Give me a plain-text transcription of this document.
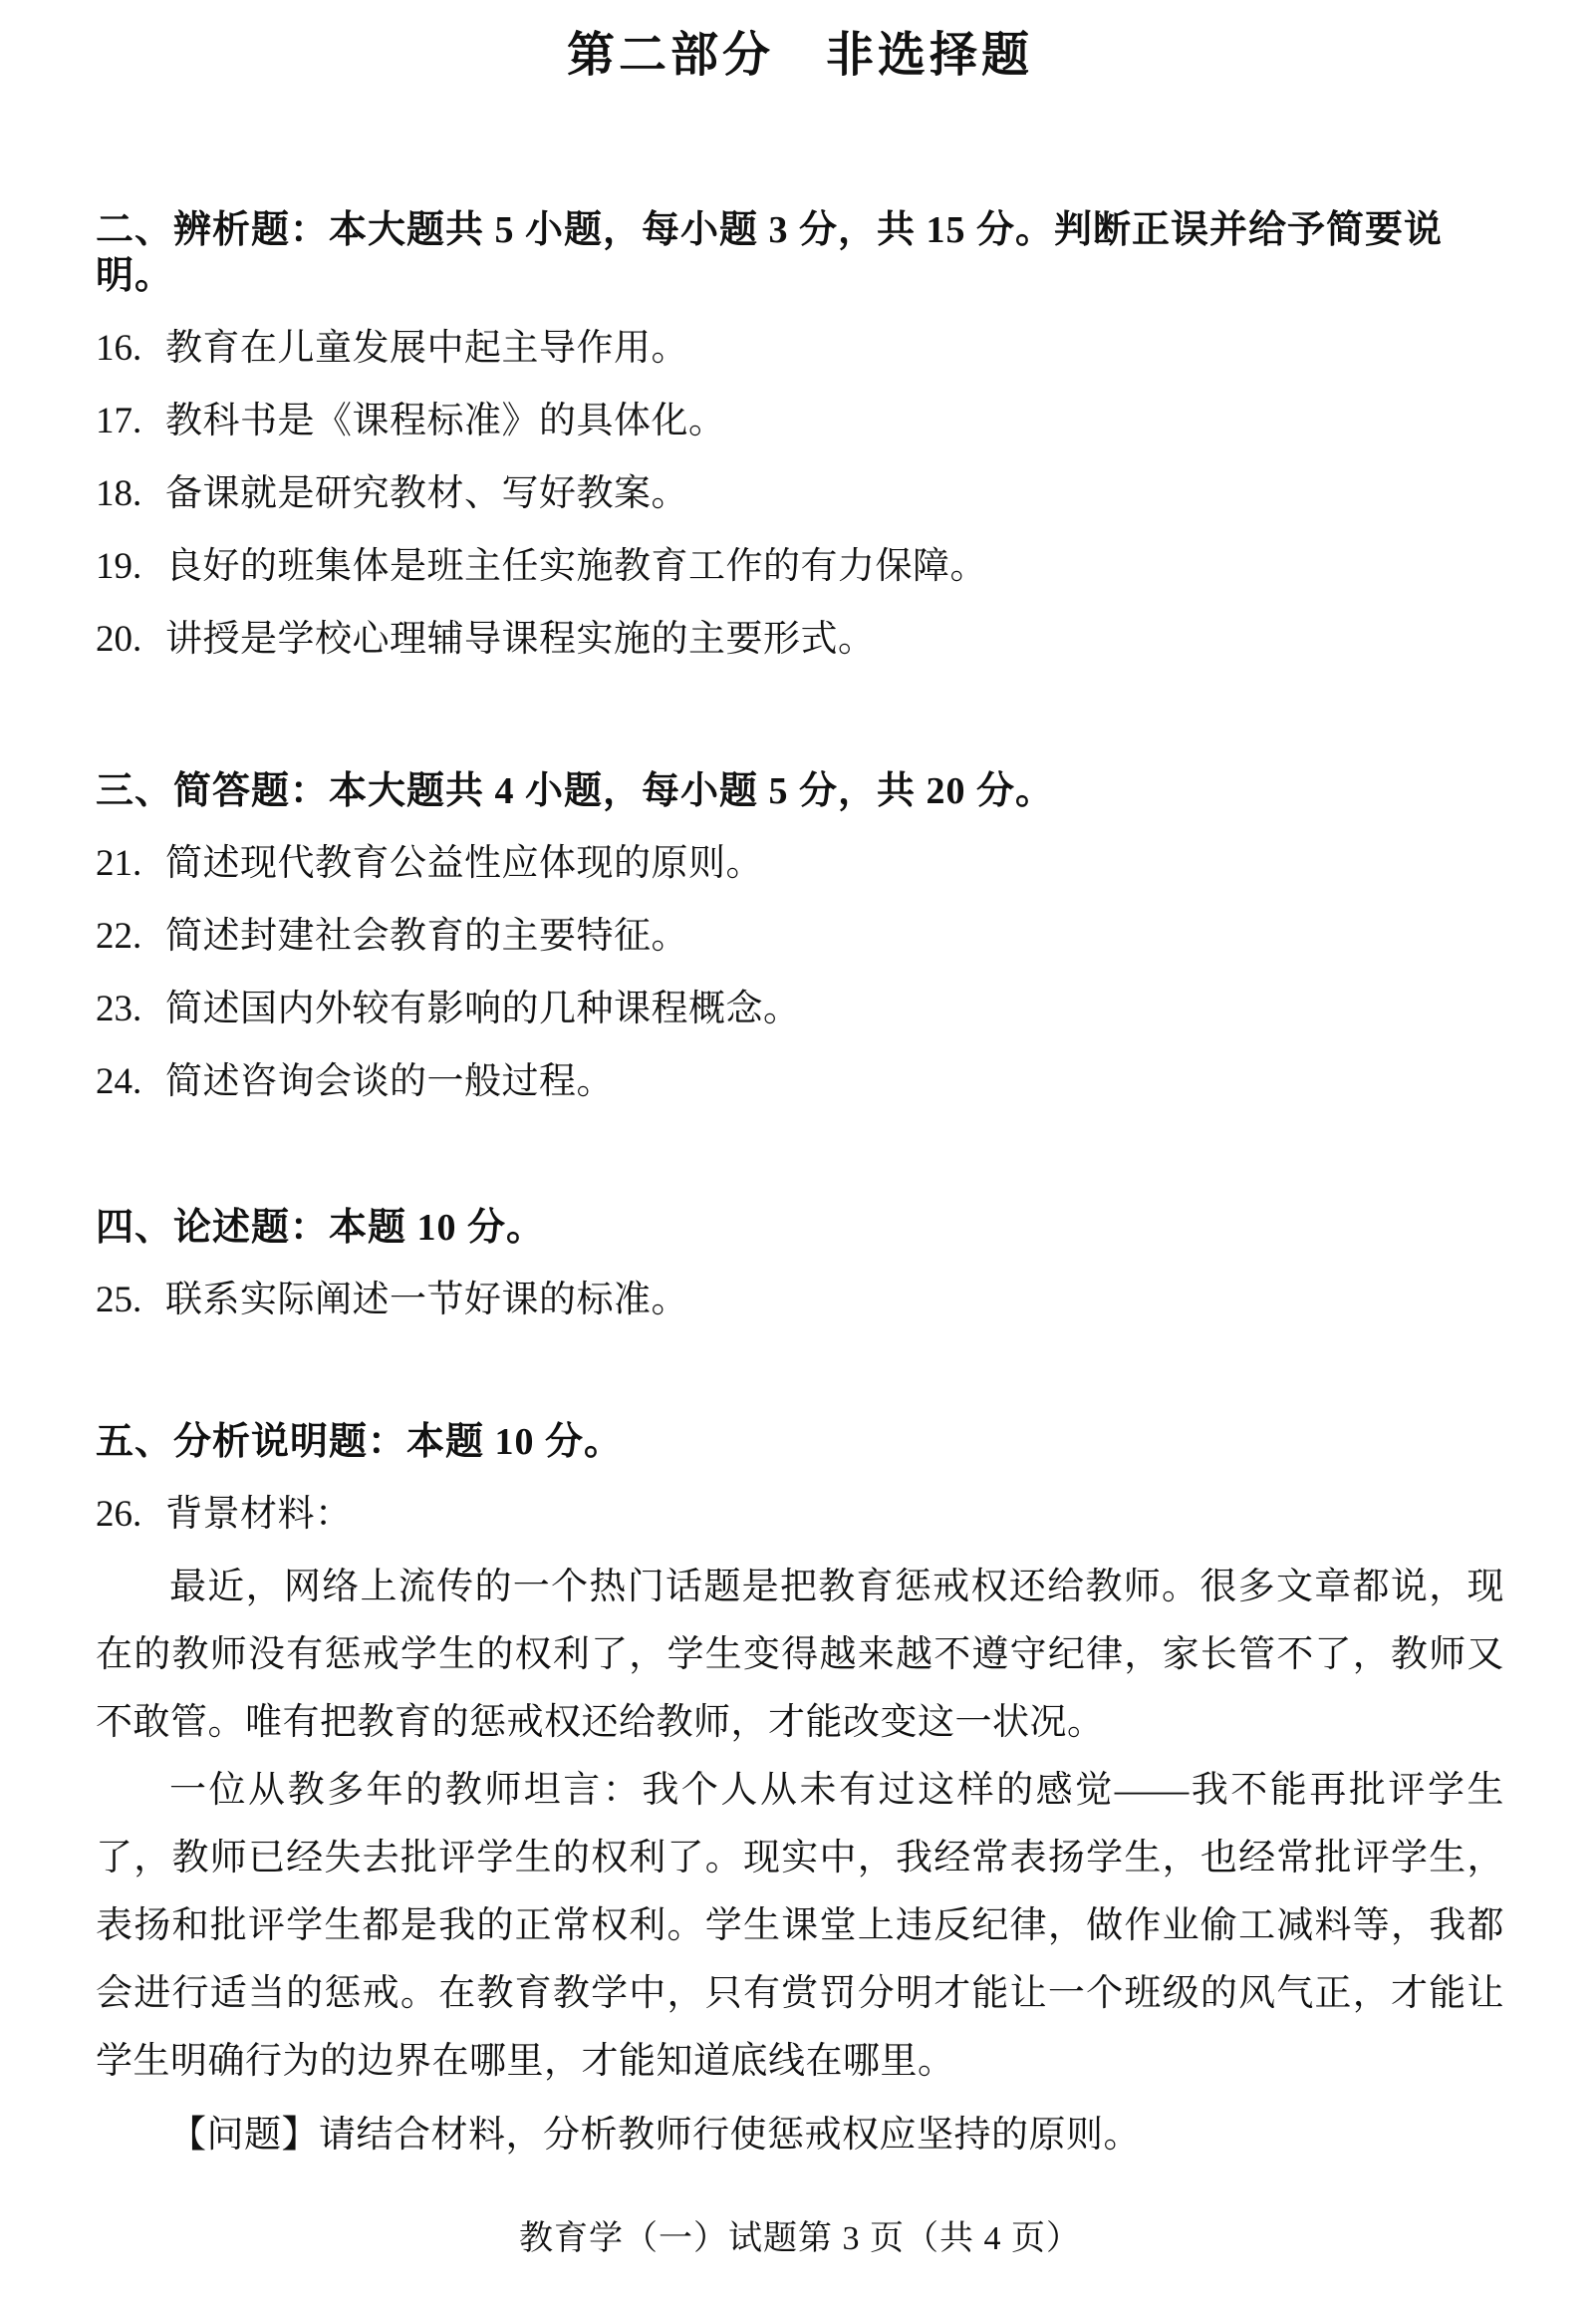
第二部分　非选择题
二、辨析题：本大题共 5 小题，每小题 3 分，共 15 分。判断正误并给予简要说明。
16. 教育在儿童发展中起主导作用。
17. 教科书是《课程标准》的具体化。
18. 备课就是研究教材、写好教案。
19. 良好的班集体是班主任实施教育工作的有力保障。
20. 讲授是学校心理辅导课程实施的主要形式。
三、简答题：本大题共 4 小题，每小题 5 分，共 20 分。
21. 简述现代教育公益性应体现的原则。
22. 简述封建社会教育的主要特征。
23. 简述国内外较有影响的几种课程概念。
24. 简述咨询会谈的一般过程。
四、论述题：本题 10 分。
25. 联系实际阐述一节好课的标准。
五、分析说明题：本题 10 分。
26. 背景材料：

最近，网络上流传的一个热门话题是把教育惩戒权还给教师。很多文章都说，现在的教师没有惩戒学生的权利了，学生变得越来越不遵守纪律，家长管不了，教师又不敢管。唯有把教育的惩戒权还给教师，才能改变这一状况。

一位从教多年的教师坦言：我个人从未有过这样的感觉——我不能再批评学生了，教师已经失去批评学生的权利了。现实中，我经常表扬学生，也经常批评学生，表扬和批评学生都是我的正常权利。学生课堂上违反纪律，做作业偷工减料等，我都会进行适当的惩戒。在教育教学中，只有赏罚分明才能让一个班级的风气正，才能让学生明确行为的边界在哪里，才能知道底线在哪里。

【问题】请结合材料，分析教师行使惩戒权应坚持的原则。

教育学（一）试题第 3 页（共 4 页）
